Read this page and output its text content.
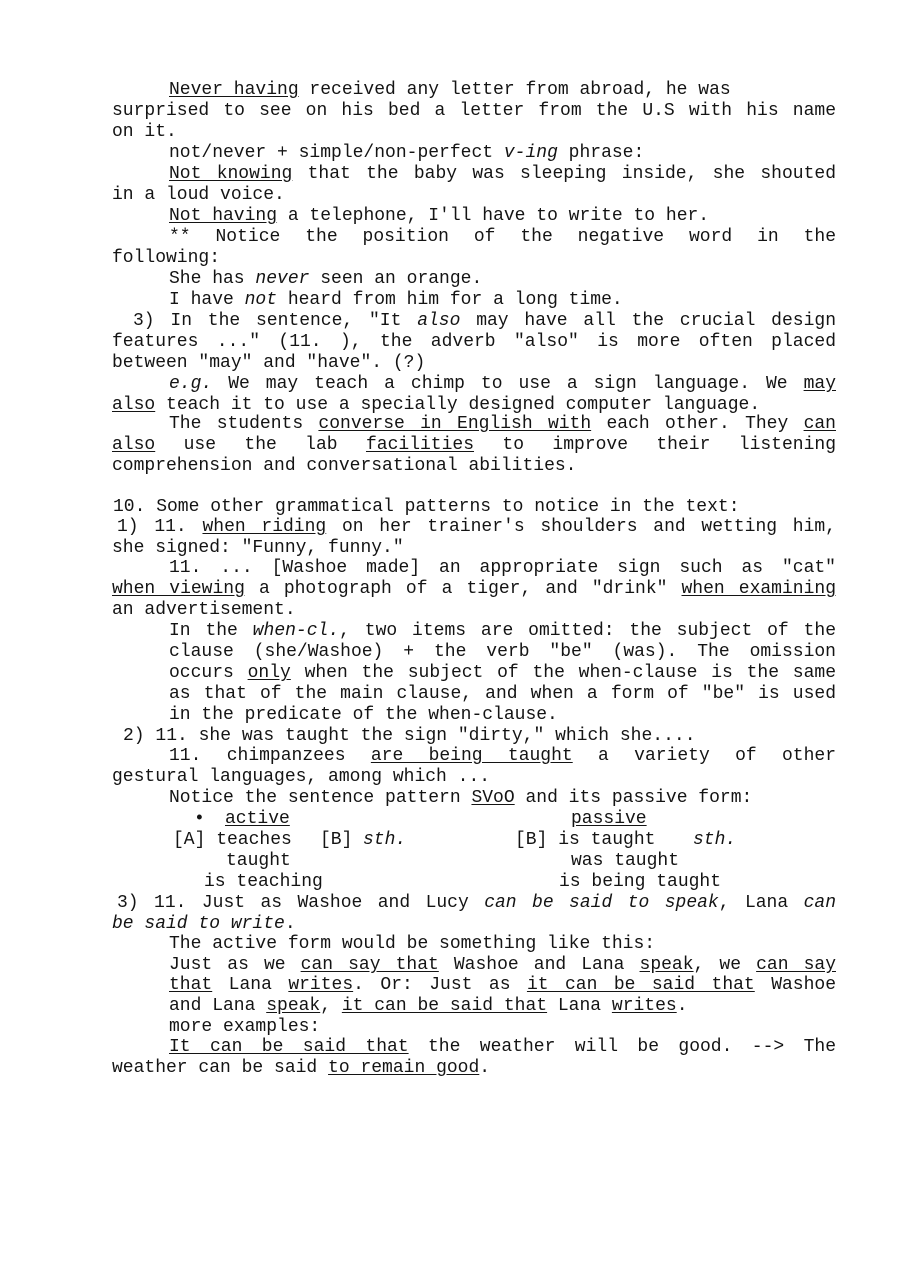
Never having received any letter from abroad, he was

surprised to see on his bed a letter from the U.S with his name

on it.

not/never + simple/non-perfect v-ing phrase:

Not knowing that the baby was sleeping inside, she shouted

in a loud voice.

Not having a telephone, I'll have to write to her.

** Notice the position of the negative word in the

following:

She has never seen an orange.

I have not heard from him for a long time.

3) In the sentence, "It also may have all the crucial design

features ..." (11. ), the adverb "also" is more often placed

between "may" and "have". (?)

e.g. We may teach a chimp to use a sign language. We may

also teach it to use a specially designed computer language.

The students converse in English with each other. They can

also use the lab facilities to improve their listening

comprehension and conversational abilities.

10. Some other grammatical patterns to notice in the text:

1) 11. when riding on her trainer's shoulders and wetting him,

she signed: "Funny, funny."

11. ... [Washoe made] an appropriate sign such as "cat"

when viewing a photograph of a tiger, and "drink" when examining

an advertisement.

In the when-cl., two items are omitted: the subject of the

clause (she/Washoe) + the verb "be" (was). The omission

occurs only when the subject of the when-clause is the same

as that of the main clause, and when a form of "be" is used

in the predicate of the when-clause.

2) 11. she was taught the sign "dirty," which she....

11. chimpanzees are being taught a variety of other

gestural languages, among which ...

Notice the sentence pattern SVoO and its passive form:

• active	passive
[A] teaches [B] sth.	[B] is taught sth.
taught	was taught
is teaching	is being taught

3) 11. Just as Washoe and Lucy can be said to speak, Lana can

be said to write.

The active form would be something like this:

Just as we can say that Washoe and Lana speak, we can say

that Lana writes. Or: Just as it can be said that Washoe

and Lana speak, it can be said that Lana writes.

more examples:

It can be said that the weather will be good. --> The

weather can be said to remain good.
